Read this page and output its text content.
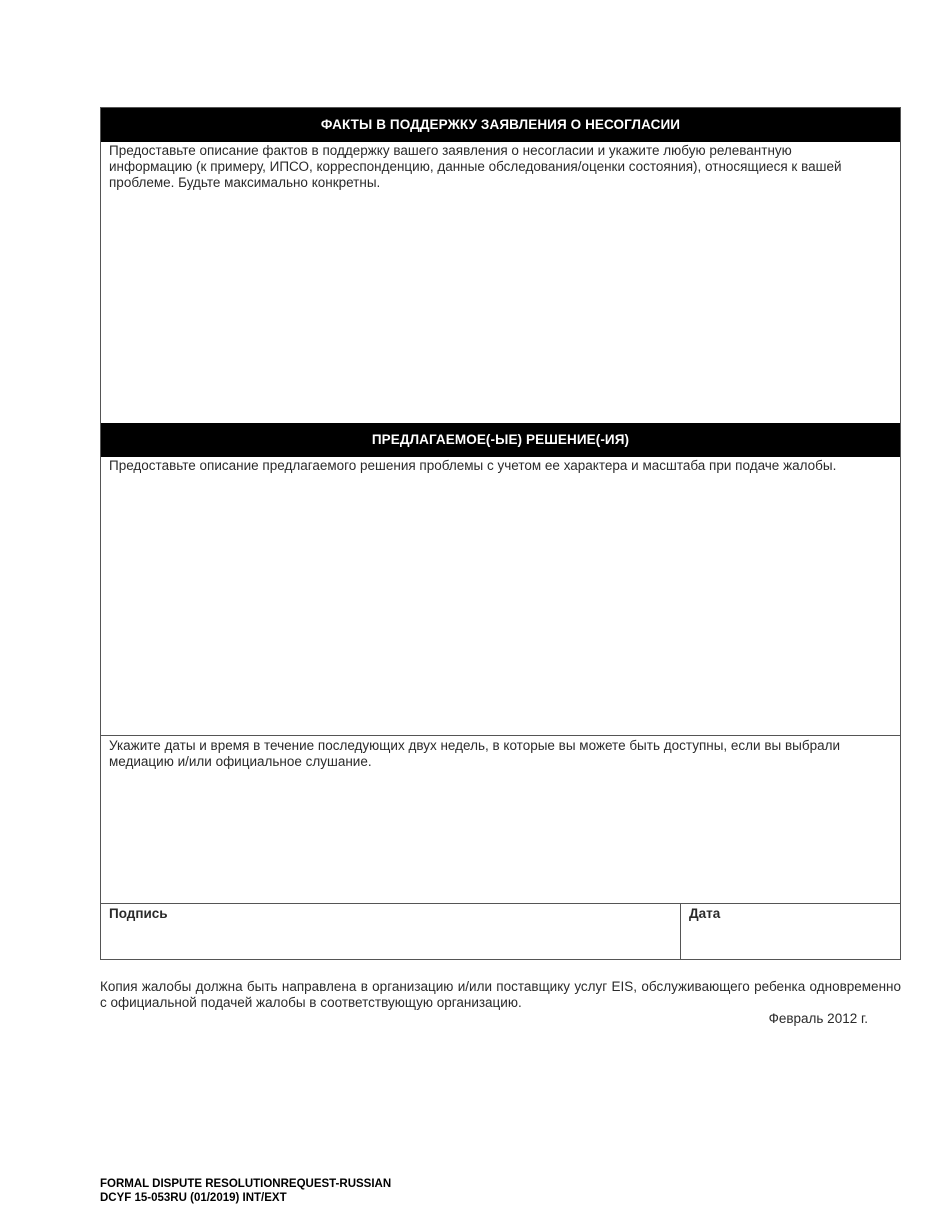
ФАКТЫ В ПОДДЕРЖКУ ЗАЯВЛЕНИЯ О НЕСОГЛАСИИ
Предоставьте описание фактов в поддержку вашего заявления о несогласии и укажите любую релевантную
информацию (к примеру, ИПСО, корреспонденцию, данные обследования/оценки состояния), относящиеся к вашей
проблеме. Будьте максимально конкретны.
ПРЕДЛАГАЕМОЕ(-ЫЕ) РЕШЕНИЕ(-ИЯ)
Предоставьте описание предлагаемого решения проблемы с учетом ее характера и масштаба при подаче жалобы.
Укажите даты и время в течение последующих двух недель, в которые вы можете быть доступны, если вы выбрали
медиацию и/или официальное слушание.
Подпись	Дата
Копия жалобы должна быть направлена в организацию и/или поставщику услуг EIS, обслуживающего ребенка одновременно с официальной подачей жалобы в соответствующую организацию.
Февраль 2012 г.
FORMAL DISPUTE RESOLUTIONREQUEST-RUSSIAN
DCYF 15-053RU (01/2019) INT/EXT
